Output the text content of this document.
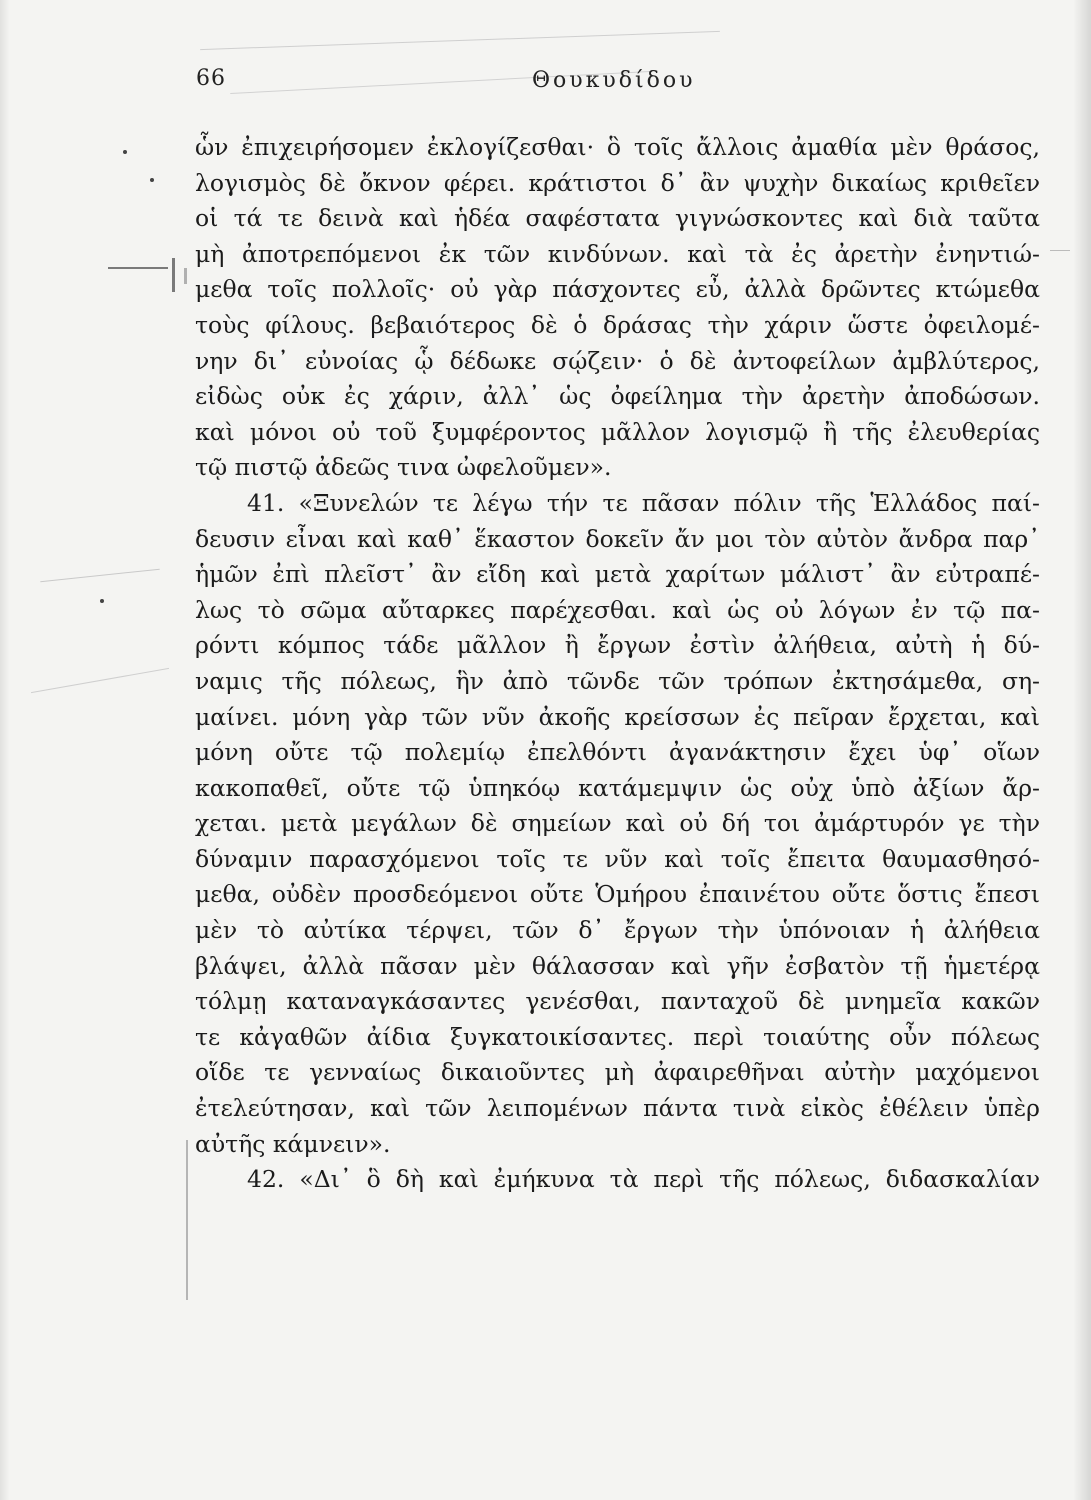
66	Θουκυδίδου
ὧν ἐπιχειρήσομεν ἐκλογίζεσθαι· ὃ τοῖς ἄλλοις ἀμαθία μὲν θράσος,
λογισμὸς δὲ ὄκνον φέρει. κράτιστοι δ᾽ ἂν ψυχὴν δικαίως κριθεῖεν
οἱ τά τε δεινὰ καὶ ἡδέα σαφέστατα γιγνώσκοντες καὶ διὰ ταῦτα
μὴ ἀποτρεπόμενοι ἐκ τῶν κινδύνων. καὶ τὰ ἐς ἀρετὴν ἐνηντιώ-
μεθα τοῖς πολλοῖς· οὐ γὰρ πάσχοντες εὖ, ἀλλὰ δρῶντες κτώμεθα
τοὺς φίλους. βεβαιότερος δὲ ὁ δράσας τὴν χάριν ὥστε ὀφειλομέ-
νην δι᾽ εὐνοίας ᾧ δέδωκε σῴζειν· ὁ δὲ ἀντοφείλων ἀμβλύτερος,
εἰδὼς οὐκ ἐς χάριν, ἀλλ᾽ ὡς ὀφείλημα τὴν ἀρετὴν ἀποδώσων.
καὶ μόνοι οὐ τοῦ ξυμφέροντος μᾶλλον λογισμῷ ἢ τῆς ἐλευθερίας
τῷ πιστῷ ἀδεῶς τινα ὠφελοῦμεν».
41. «Ξυνελών τε λέγω τήν τε πᾶσαν πόλιν τῆς Ἑλλάδος παί-
δευσιν εἶναι καὶ καθ᾽ ἕκαστον δοκεῖν ἄν μοι τὸν αὐτὸν ἄνδρα παρ᾽
ἡμῶν ἐπὶ πλεῖστ᾽ ἂν εἴδη καὶ μετὰ χαρίτων μάλιστ᾽ ἂν εὐτραπέ-
λως τὸ σῶμα αὔταρκες παρέχεσθαι. καὶ ὡς οὐ λόγων ἐν τῷ πα-
ρόντι κόμπος τάδε μᾶλλον ἢ ἔργων ἐστὶν ἀλήθεια, αὐτὴ ἡ δύ-
ναμις τῆς πόλεως, ἣν ἀπὸ τῶνδε τῶν τρόπων ἐκτησάμεθα, ση-
μαίνει. μόνη γὰρ τῶν νῦν ἀκοῆς κρείσσων ἐς πεῖραν ἔρχεται, καὶ
μόνη οὔτε τῷ πολεμίῳ ἐπελθόντι ἀγανάκτησιν ἔχει ὑφ᾽ οἵων
κακοπαθεῖ, οὔτε τῷ ὑπηκόῳ κατάμεμψιν ὡς οὐχ ὑπὸ ἀξίων ἄρ-
χεται. μετὰ μεγάλων δὲ σημείων καὶ οὐ δή τοι ἀμάρτυρόν γε τὴν
δύναμιν παρασχόμενοι τοῖς τε νῦν καὶ τοῖς ἔπειτα θαυμασθησό-
μεθα, οὐδὲν προσδεόμενοι οὔτε Ὁμήρου ἐπαινέτου οὔτε ὅστις ἔπεσι
μὲν τὸ αὐτίκα τέρψει, τῶν δ᾽ ἔργων τὴν ὑπόνοιαν ἡ ἀλήθεια
βλάψει, ἀλλὰ πᾶσαν μὲν θάλασσαν καὶ γῆν ἐσβατὸν τῇ ἡμετέρᾳ
τόλμῃ καταναγκάσαντες γενέσθαι, πανταχοῦ δὲ μνημεῖα κακῶν
τε κἀγαθῶν ἀίδια ξυγκατοικίσαντες. περὶ τοιαύτης οὖν πόλεως
οἵδε τε γενναίως δικαιοῦντες μὴ ἀφαιρεθῆναι αὐτὴν μαχόμενοι
ἐτελεύτησαν, καὶ τῶν λειπομένων πάντα τινὰ εἰκὸς ἐθέλειν ὑπὲρ
αὐτῆς κάμνειν».
42. «Δι᾽ ὃ δὴ καὶ ἐμήκυνα τὰ περὶ τῆς πόλεως, διδασκαλίαν
